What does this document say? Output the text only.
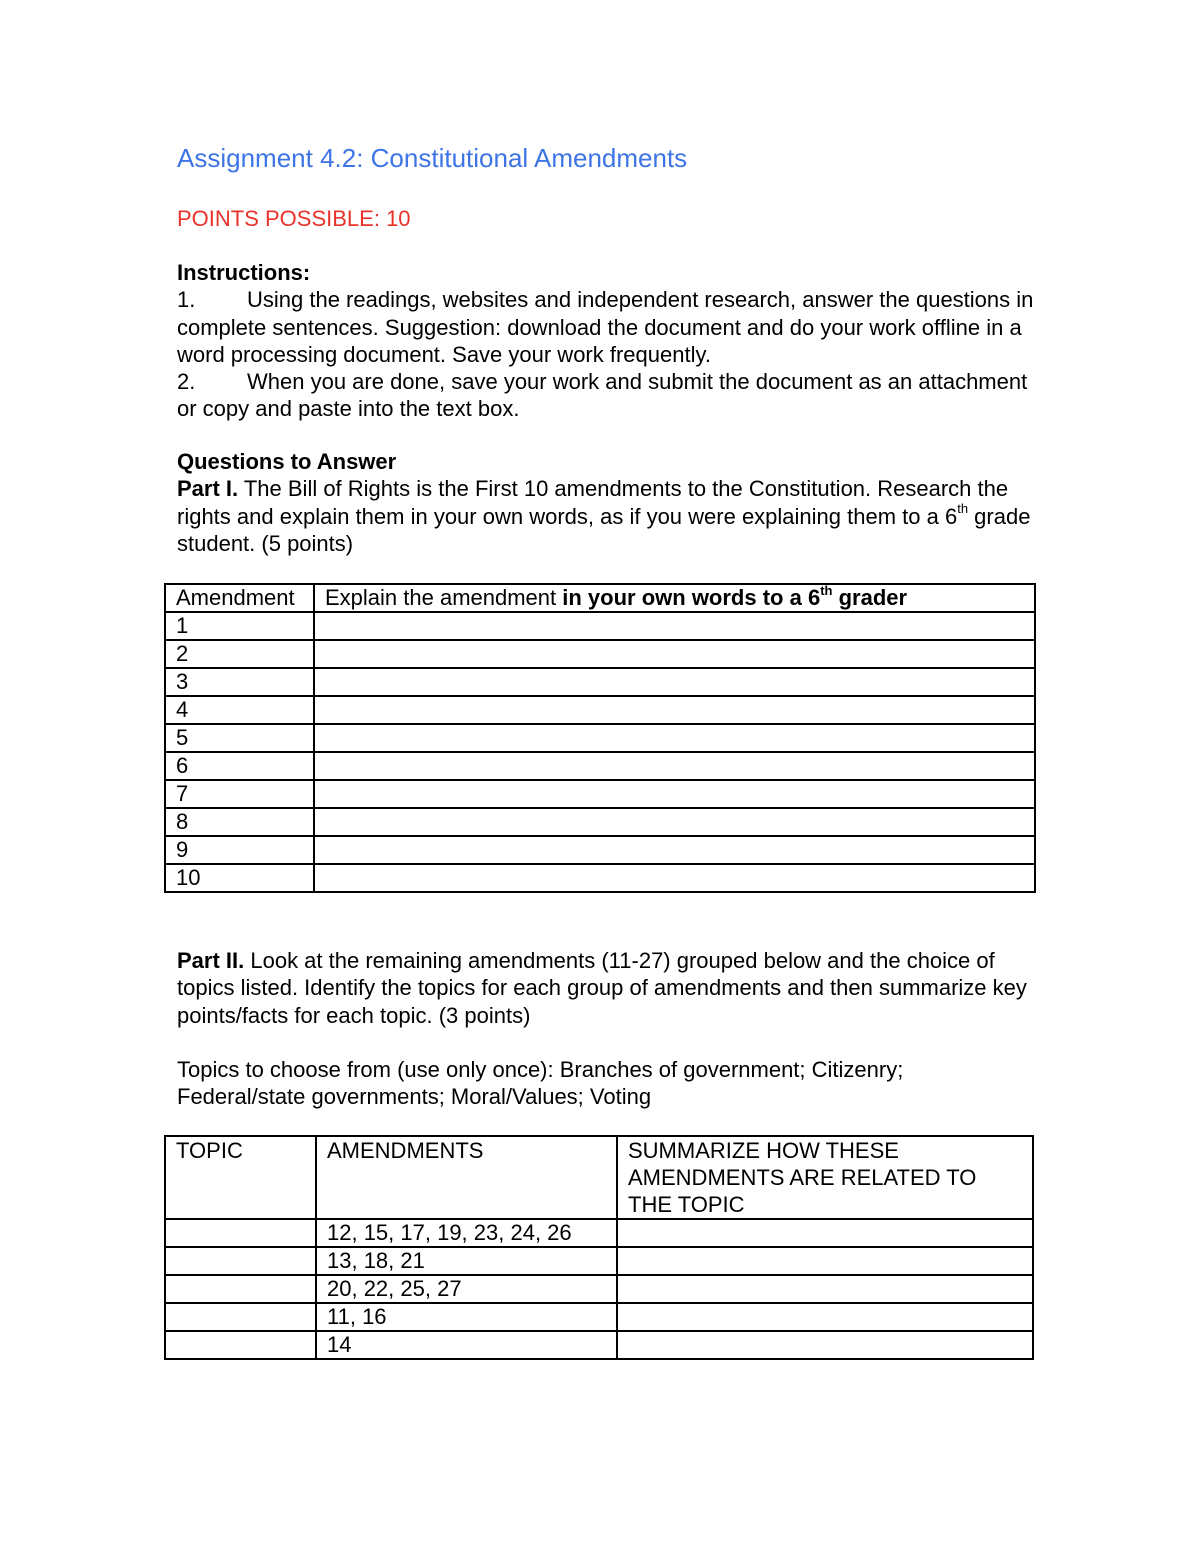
Assignment 4.2: Constitutional Amendments
POINTS POSSIBLE: 10

Instructions:

1. Using the readings, websites and independent research, answer the questions in complete sentences. Suggestion: download the document and do your work offline in a word processing document. Save your work frequently.

2. When you are done, save your work and submit the document as an attachment or copy and paste into the text box.

Questions to Answer

Part I. The Bill of Rights is the First 10 amendments to the Constitution. Research the rights and explain them in your own words, as if you were explaining them to a 6th grade student. (5 points)

Amendment	Explain the amendment in your own words to a 6th grader
1	
2	
3	
4	
5	
6	
7	
8	
9	
10	

Part II. Look at the remaining amendments (11-27) grouped below and the choice of topics listed. Identify the topics for each group of amendments and then summarize key points/facts for each topic. (3 points)

Topics to choose from (use only once): Branches of government; Citizenry; Federal/state governments; Moral/Values; Voting

TOPIC	AMENDMENTS	SUMMARIZE HOW THESE AMENDMENTS ARE RELATED TO THE TOPIC
	12, 15, 17, 19, 23, 24, 26	
	13, 18, 21	
	20, 22, 25, 27	
	11, 16	
	14	
